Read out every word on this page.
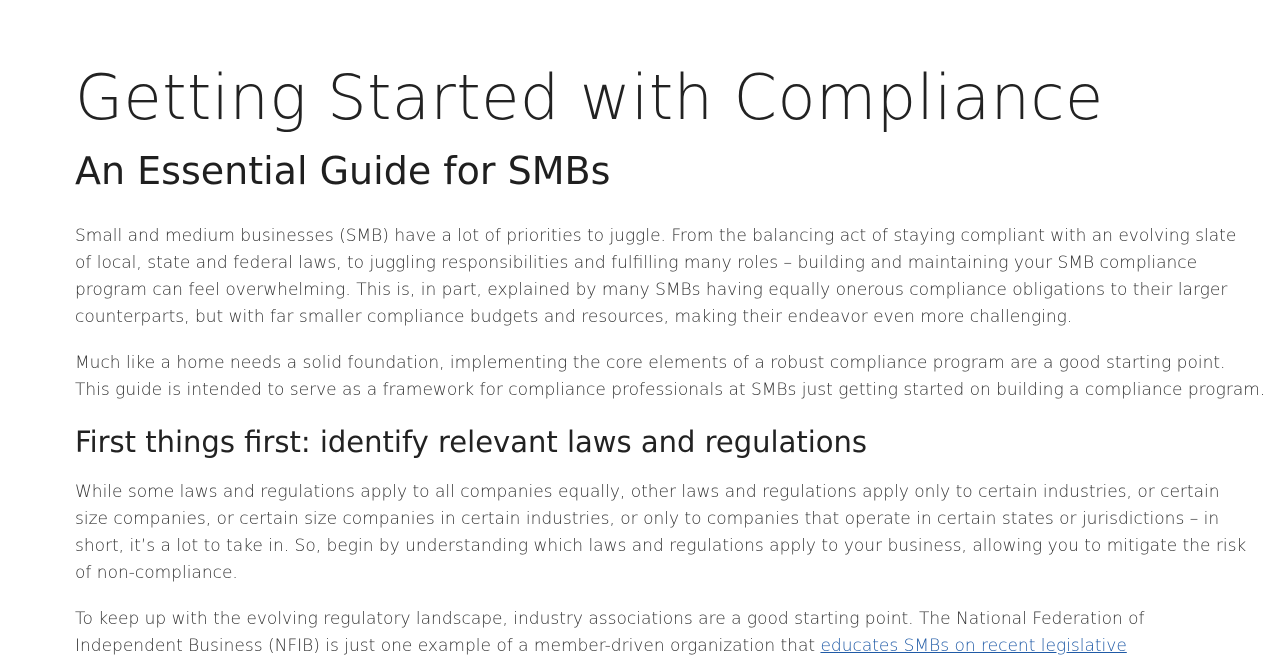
Getting Started with Compliance
An Essential Guide for SMBs

Small and medium businesses (SMB) have a lot of priorities to juggle. From the balancing act of staying compliant with an evolving slate
of local, state and federal laws, to juggling responsibilities and fulfilling many roles – building and maintaining your SMB compliance
program can feel overwhelming. This is, in part, explained by many SMBs having equally onerous compliance obligations to their larger
counterparts, but with far smaller compliance budgets and resources, making their endeavor even more challenging.

Much like a home needs a solid foundation, implementing the core elements of a robust compliance program are a good starting point.
This guide is intended to serve as a framework for compliance professionals at SMBs just getting started on building a compliance program.

First things first: identify relevant laws and regulations

While some laws and regulations apply to all companies equally, other laws and regulations apply only to certain industries, or certain
size companies, or certain size companies in certain industries, or only to companies that operate in certain states or jurisdictions – in
short, it’s a lot to take in. So, begin by understanding which laws and regulations apply to your business, allowing you to mitigate the risk
of non-compliance.

To keep up with the evolving regulatory landscape, industry associations are a good starting point. The National Federation of
Independent Business (NFIB) is just one example of a member-driven organization that educates SMBs on recent legislative
